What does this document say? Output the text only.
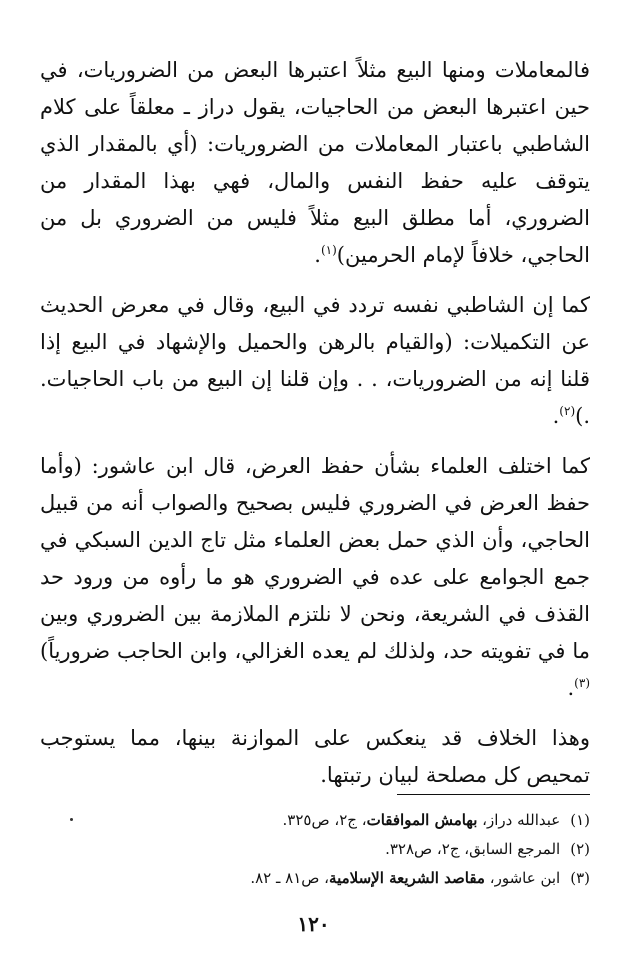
فالمعاملات ومنها البيع مثلاً اعتبرها البعض من الضروريات، في حين اعتبرها البعض من الحاجيات، يقول دراز ـ معلقاً على كلام الشاطبي باعتبار المعاملات من الضروريات: (أي بالمقدار الذي يتوقف عليه حفظ النفس والمال، فهي بهذا المقدار من الضروري، أما مطلق البيع مثلاً فليس من الضروري بل من الحاجي، خلافاً لإمام الحرمين)$^{(١)}$.

كما إن الشاطبي نفسه تردد في البيع، وقال في معرض الحديث عن التكميلات: (والقيام بالرهن والحميل والإشهاد في البيع إذا قلنا إنه من الضروريات، . . وإن قلنا إن البيع من باب الحاجيات. .)$^{(٢)}$.

كما اختلف العلماء بشأن حفظ العرض، قال ابن عاشور: (وأما حفظ العرض في الضروري فليس بصحيح والصواب أنه من قبيل الحاجي، وأن الذي حمل بعض العلماء مثل تاج الدين السبكي في جمع الجوامع على عده في الضروري هو ما رأوه من ورود حد القذف في الشريعة، ونحن لا نلتزم الملازمة بين الضروري وبين ما في تفويته حد، ولذلك لم يعده الغزالي، وابن الحاجب ضرورياً)$^{(٣)}$.

وهذا الخلاف قد ينعكس على الموازنة بينها، مما يستوجب تمحيص كل مصلحة لبيان رتبتها.

(١)عبدالله دراز، بهامش الموافقات، ج٢، ص٣٢٥.
(٢)المرجع السابق، ج٢، ص٣٢٨.
(٣)ابن عاشور، مقاصد الشريعة الإسلامية، ص٨١ ـ ٨٢.
١٢٠
